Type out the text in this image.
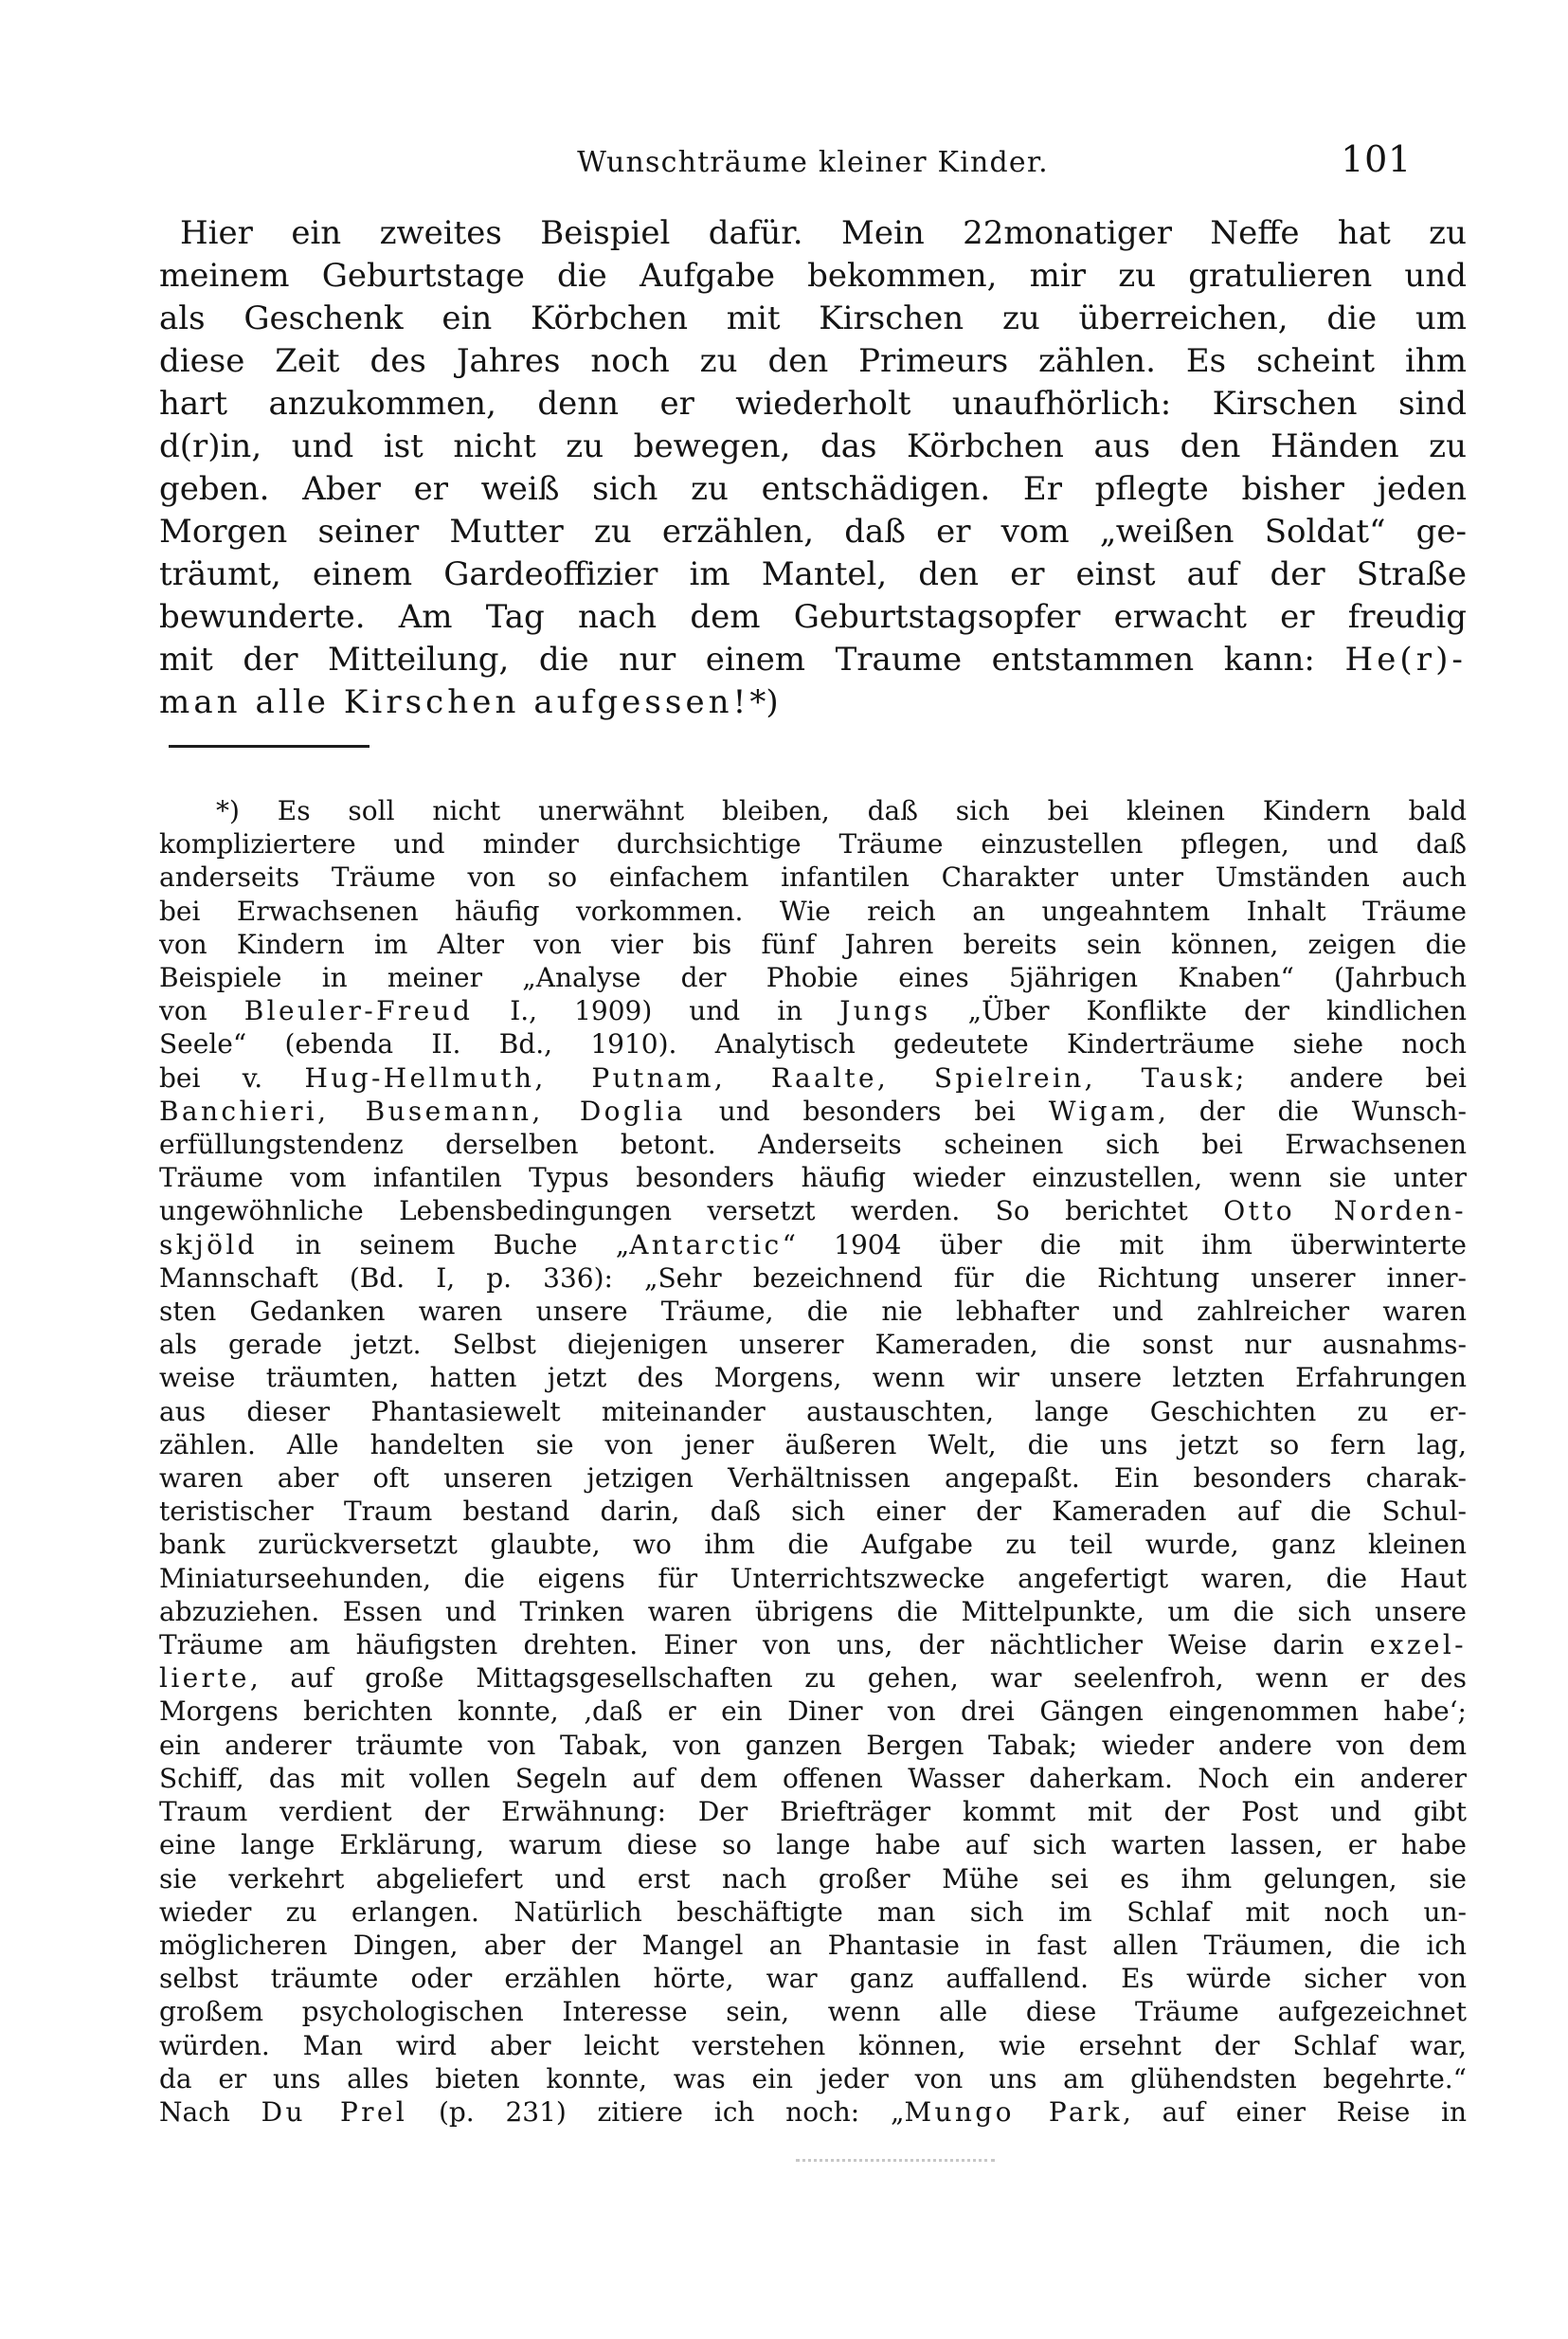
Wunschträume kleiner Kinder.	101
Hier ein zweites Beispiel dafür. Mein 22monatiger Neffe hat zu
meinem Geburtstage die Aufgabe bekommen, mir zu gratulieren und
als Geschenk ein Körbchen mit Kirschen zu überreichen, die um
diese Zeit des Jahres noch zu den Primeurs zählen. Es scheint ihm
hart anzukommen, denn er wiederholt unaufhörlich: Kirschen sind
d(r)in, und ist nicht zu bewegen, das Körbchen aus den Händen zu
geben. Aber er weiß sich zu entschädigen. Er pflegte bisher jeden
Morgen seiner Mutter zu erzählen, daß er vom „weißen Soldat“ ge-
träumt, einem Gardeoffizier im Mantel, den er einst auf der Straße
bewunderte. Am Tag nach dem Geburtstagsopfer erwacht er freudig
mit der Mitteilung, die nur einem Traume entstammen kann: He(r)-
man alle Kirschen aufgessen!*)
*) Es soll nicht unerwähnt bleiben, daß sich bei kleinen Kindern bald
kompliziertere und minder durchsichtige Träume einzustellen pflegen, und daß
anderseits Träume von so einfachem infantilen Charakter unter Umständen auch
bei Erwachsenen häufig vorkommen. Wie reich an ungeahntem Inhalt Träume
von Kindern im Alter von vier bis fünf Jahren bereits sein können, zeigen die
Beispiele in meiner „Analyse der Phobie eines 5jährigen Knaben“ (Jahrbuch
von Bleuler-Freud I., 1909) und in Jungs „Über Konflikte der kindlichen
Seele“ (ebenda II. Bd., 1910). Analytisch gedeutete Kinderträume siehe noch
bei v. Hug-Hellmuth, Putnam, Raalte, Spielrein, Tausk; andere bei
Banchieri, Busemann, Doglia und besonders bei Wigam, der die Wunsch-
erfüllungstendenz derselben betont. Anderseits scheinen sich bei Erwachsenen
Träume vom infantilen Typus besonders häufig wieder einzustellen, wenn sie unter
ungewöhnliche Lebensbedingungen versetzt werden. So berichtet Otto Norden-
skjöld in seinem Buche „Antarctic“ 1904 über die mit ihm überwinterte
Mannschaft (Bd. I, p. 336): „Sehr bezeichnend für die Richtung unserer inner-
sten Gedanken waren unsere Träume, die nie lebhafter und zahlreicher waren
als gerade jetzt. Selbst diejenigen unserer Kameraden, die sonst nur ausnahms-
weise träumten, hatten jetzt des Morgens, wenn wir unsere letzten Erfahrungen
aus dieser Phantasiewelt miteinander austauschten, lange Geschichten zu er-
zählen. Alle handelten sie von jener äußeren Welt, die uns jetzt so fern lag,
waren aber oft unseren jetzigen Verhältnissen angepaßt. Ein besonders charak-
teristischer Traum bestand darin, daß sich einer der Kameraden auf die Schul-
bank zurückversetzt glaubte, wo ihm die Aufgabe zu teil wurde, ganz kleinen
Miniaturseehunden, die eigens für Unterrichtszwecke angefertigt waren, die Haut
abzuziehen. Essen und Trinken waren übrigens die Mittelpunkte, um die sich unsere
Träume am häufigsten drehten. Einer von uns, der nächtlicher Weise darin exzel-
lierte, auf große Mittagsgesellschaften zu gehen, war seelenfroh, wenn er des
Morgens berichten konnte, ‚daß er ein Diner von drei Gängen eingenommen habe‘;
ein anderer träumte von Tabak, von ganzen Bergen Tabak; wieder andere von dem
Schiff, das mit vollen Segeln auf dem offenen Wasser daherkam. Noch ein anderer
Traum verdient der Erwähnung: Der Briefträger kommt mit der Post und gibt
eine lange Erklärung, warum diese so lange habe auf sich warten lassen, er habe
sie verkehrt abgeliefert und erst nach großer Mühe sei es ihm gelungen, sie
wieder zu erlangen. Natürlich beschäftigte man sich im Schlaf mit noch un-
möglicheren Dingen, aber der Mangel an Phantasie in fast allen Träumen, die ich
selbst träumte oder erzählen hörte, war ganz auffallend. Es würde sicher von
großem psychologischen Interesse sein, wenn alle diese Träume aufgezeichnet
würden. Man wird aber leicht verstehen können, wie ersehnt der Schlaf war,
da er uns alles bieten konnte, was ein jeder von uns am glühendsten begehrte.“
Nach Du Prel (p. 231) zitiere ich noch: „Mungo Park, auf einer Reise in
